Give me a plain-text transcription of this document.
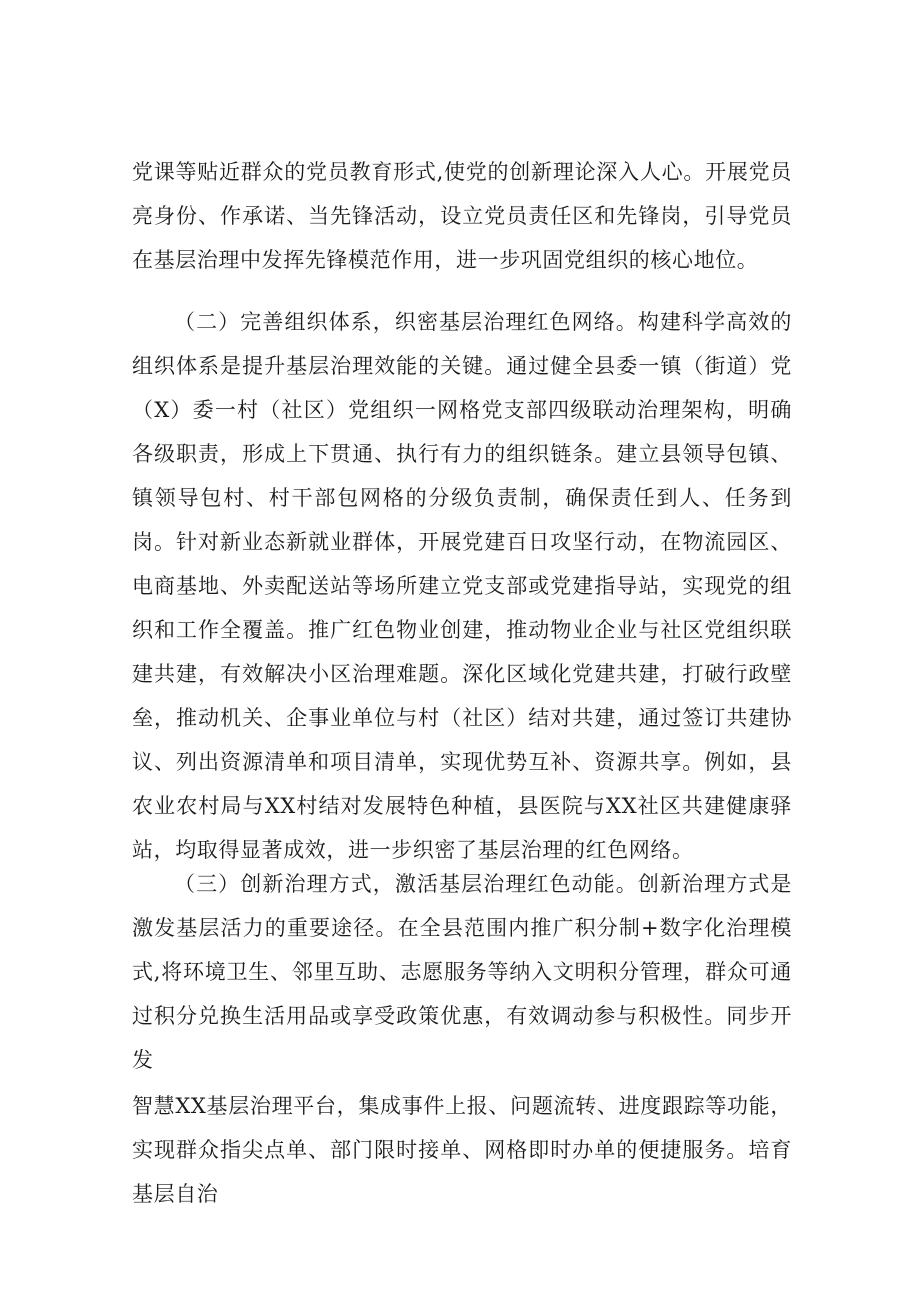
党课等贴近群众的党员教育形式,使党的创新理论深入人心。开展党员亮身份、作承诺、当先锋活动，设立党员责任区和先锋岗，引导党员在基层治理中发挥先锋模范作用，进一步巩固党组织的核心地位。

（二）完善组织体系，织密基层治理红色网络。构建科学高效的组织体系是提升基层治理效能的关键。通过健全县委一镇（街道）党（X）委一村（社区）党组织一网格党支部四级联动治理架构，明确各级职责，形成上下贯通、执行有力的组织链条。建立县领导包镇、镇领导包村、村干部包网格的分级负责制，确保责任到人、任务到岗。针对新业态新就业群体，开展党建百日攻坚行动，在物流园区、电商基地、外卖配送站等场所建立党支部或党建指导站，实现党的组织和工作全覆盖。推广红色物业创建，推动物业企业与社区党组织联建共建，有效解决小区治理难题。深化区域化党建共建，打破行政壁垒，推动机关、企事业单位与村（社区）结对共建，通过签订共建协议、列出资源清单和项目清单，实现优势互补、资源共享。例如，县农业农村局与XX村结对发展特色种植，县医院与XX社区共建健康驿站，均取得显著成效，进一步织密了基层治理的红色网络。

（三）创新治理方式，激活基层治理红色动能。创新治理方式是激发基层活力的重要途径。在全县范围内推广积分制+数字化治理模式,将环境卫生、邻里互助、志愿服务等纳入文明积分管理，群众可通过积分兑换生活用品或享受政策优惠，有效调动参与积极性。同步开发

智慧XX基层治理平台，集成事件上报、问题流转、进度跟踪等功能，实现群众指尖点单、部门限时接单、网格即时办单的便捷服务。培育基层自治
